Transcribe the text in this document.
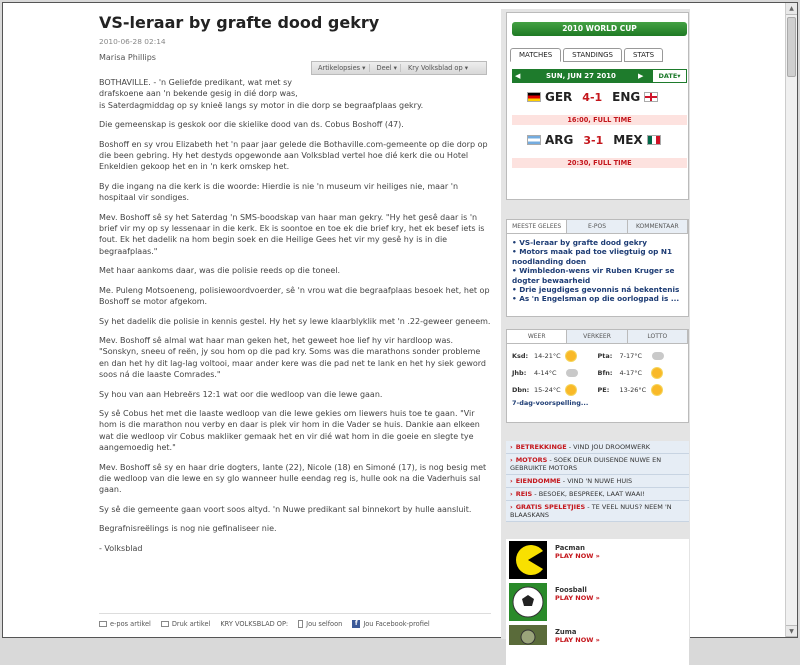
VS-leraar by grafte dood gekry
2010-06-28 02:14
Marisa Phillips
Artikelopsies ▾	Deel ▾	Kry Volksblad op ▾
BOTHAVILLE. - 'n Geliefde predikant, wat met sy drafskoene aan 'n bekende gesig in dié dorp was,
is Saterdagmiddag op sy knieë langs sy motor in die dorp se begraafplaas gekry.
Die gemeenskap is geskok oor die skielike dood van ds. Cobus Boshoff (47).
Boshoff en sy vrou Elizabeth het 'n paar jaar gelede die Bothaville.com-gemeente op die dorp op die been gebring. Hy het destyds opgewonde aan Volksblad vertel hoe dié kerk die ou Hotel Enkeldien gekoop het en in 'n kerk omskep het.
By die ingang na die kerk is die woorde: Hierdie is nie 'n museum vir heiliges nie, maar 'n hospitaal vir sondiges.
Mev. Boshoff sê sy het Saterdag 'n SMS-boodskap van haar man gekry. "Hy het gesê daar is 'n brief vir my op sy lessenaar in die kerk. Ek is soontoe en toe ek die brief kry, het ek besef iets is fout. Ek het dadelik na hom begin soek en die Heilige Gees het vir my gesê hy is in die begraafplaas."
Met haar aankoms daar, was die polisie reeds op die toneel.
Me. Puleng Motsoeneng, polisiewoordvoerder, sê 'n vrou wat die begraafplaas besoek het, het op Boshoff se motor afgekom.
Sy het dadelik die polisie in kennis gestel. Hy het sy lewe klaarblyklik met 'n .22-geweer geneem.
Mev. Boshoff sê almal wat haar man geken het, het geweet hoe lief hy vir hardloop was. "Sonskyn, sneeu of reën, jy sou hom op die pad kry. Soms was die marathons sonder probleme en dan het hy dit lag-lag voltooi, maar ander kere was die pad net te lank en het hy siek geword soos ná die laaste Comrades."
Sy hou van aan Hebreërs 12:1 wat oor die wedloop van die lewe gaan.
Sy sê Cobus het met die laaste wedloop van die lewe gekies om liewers huis toe te gaan. "Vir hom is die marathon nou verby en daar is plek vir hom in die Vader se huis. Dankie aan elkeen wat die wedloop vir Cobus makliker gemaak het en vir dié wat hom in die goeie en slegte tye aangemoedig het."
Mev. Boshoff sê sy en haar drie dogters, Iante (22), Nicole (18) en Simoné (17), is nog besig met die wedloop van die lewe en sy glo wanneer hulle eendag reg is, hulle ook na die Vaderhuis sal gaan.
Sy sê die gemeente gaan voort soos altyd. 'n Nuwe predikant sal binnekort by hulle aansluit.
Begrafnisreëlings is nog nie gefinaliseer nie.
- Volksblad
e-pos artikel	Druk artikel KRY VOLKSBLAD OP:	Jou selfoon	f Jou Facebook-profiel
2010 WORLD CUP
MATCHES	STANDINGS	STATS
◀	SUN, JUN 27 2010	▶	DATE▾
GER 4-1 ENG
16:00, FULL TIME
ARG 3-1 MEX
20:30, FULL TIME
MEESTE GELEES	E-POS	KOMMENTAAR
• VS-leraar by grafte dood gekry
• Motors maak pad toe vliegtuig op N1 noodlanding doen
• Wimbledon-wens vir Ruben Kruger se dogter bewaarheid
• Drie jeugdiges gevonnis ná bekentenis
• As 'n Engelsman op die oorlogpad is ...
WEER	VERKEER	LOTTO
Ksd: 14-21°C	Pta:	7-17°C
Jhb:	4-14°C	Bfn:	4-17°C
Dbn: 15-24°C	PE:	13-26°C
7-dag-voorspelling...
› BETREKKINGE - VIND JOU DROOMWERK
› MOTORS - SOEK DEUR DUISENDE NUWE EN GEBRUIKTE MOTORS
› EIENDOMME - VIND 'N NUWE HUIS
› REIS - BESOEK, BESPREEK, LAAT WAAI!
› GRATIS SPELETJIES - TE VEEL NUUS? NEEM 'N BLAASKANS
Pacman
PLAY NOW »
Foosball
PLAY NOW »
Zuma
PLAY NOW »
▲
▼
